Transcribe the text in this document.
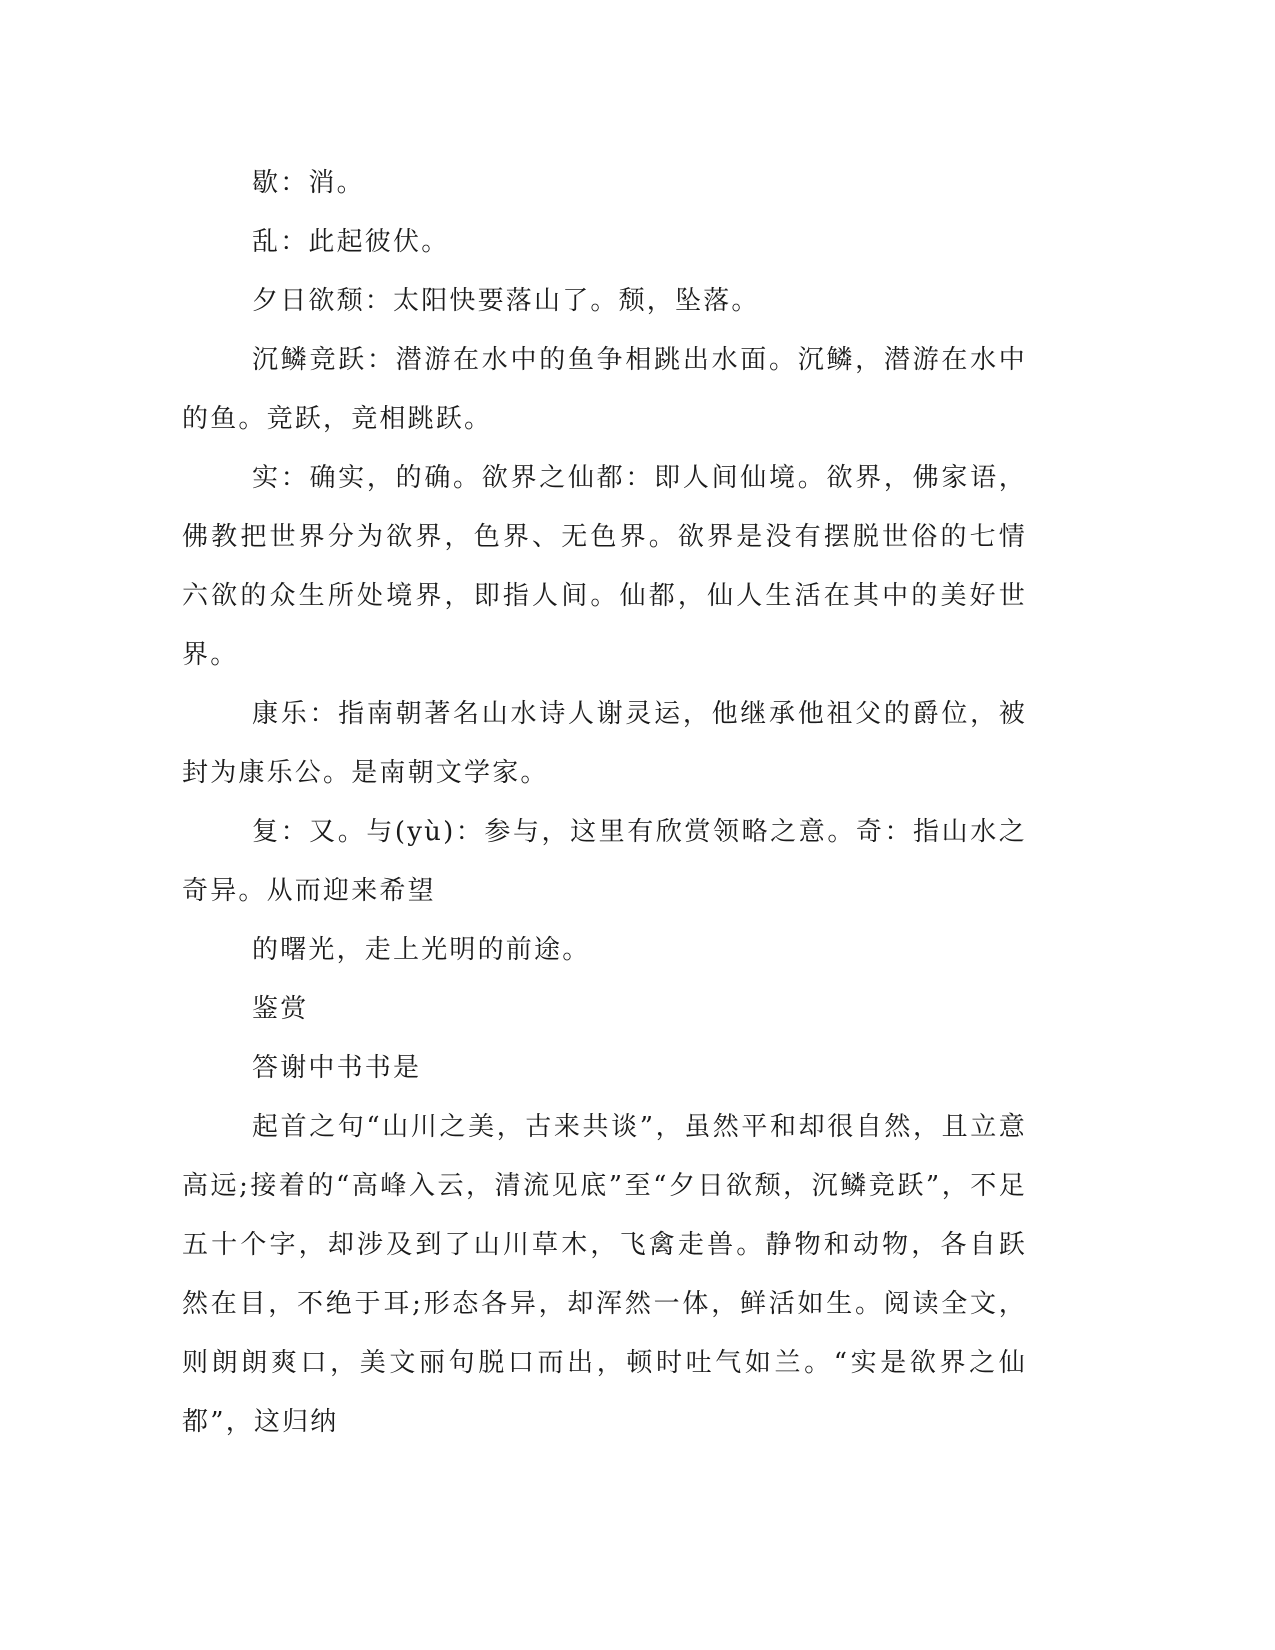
歇：消。

乱：此起彼伏。

夕日欲颓：太阳快要落山了。颓，坠落。

沉鳞竞跃：潜游在水中的鱼争相跳出水面。沉鳞，潜游在水中的鱼。竞跃，竞相跳跃。

实：确实，的确。欲界之仙都：即人间仙境。欲界，佛家语，佛教把世界分为欲界，色界、无色界。欲界是没有摆脱世俗的七情六欲的众生所处境界，即指人间。仙都，仙人生活在其中的美好世界。

康乐：指南朝著名山水诗人谢灵运，他继承他祖父的爵位，被封为康乐公。是南朝文学家。

复：又。与(yù)：参与，这里有欣赏领略之意。奇：指山水之奇异。从而迎来希望

的曙光，走上光明的前途。

鉴赏

答谢中书书是

起首之句“山川之美，古来共谈”，虽然平和却很自然，且立意高远;接着的“高峰入云，清流见底”至“夕日欲颓，沉鳞竞跃”，不足五十个字，却涉及到了山川草木，飞禽走兽。静物和动物，各自跃然在目，不绝于耳;形态各异，却浑然一体，鲜活如生。阅读全文，则朗朗爽口，美文丽句脱口而出，顿时吐气如兰。“实是欲界之仙都”，这归纳
